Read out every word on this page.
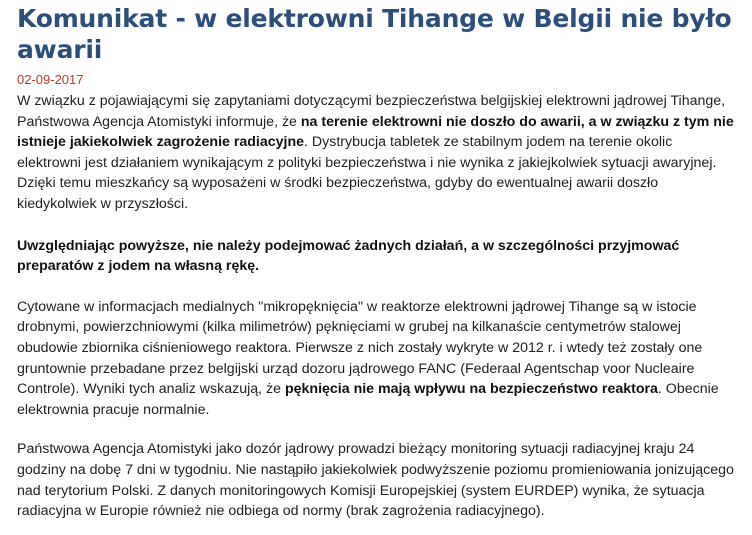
Komunikat - w elektrowni Tihange w Belgii nie było awarii
02-09-2017

W związku z pojawiającymi się zapytaniami dotyczącymi bezpieczeństwa belgijskiej elektrowni jądrowej Tihange, Państwowa Agencja Atomistyki informuje, że na terenie elektrowni nie doszło do awarii, a w związku z tym nie istnieje jakiekolwiek zagrożenie radiacyjne. Dystrybucja tabletek ze stabilnym jodem na terenie okolic elektrowni jest działaniem wynikającym z polityki bezpieczeństwa i nie wynika z jakiejkolwiek sytuacji awaryjnej. Dzięki temu mieszkańcy są wyposażeni w środki bezpieczeństwa, gdyby do ewentualnej awarii doszło kiedykolwiek w przyszłości.

Uwzględniając powyższe, nie należy podejmować żadnych działań, a w szczególności przyjmować preparatów z jodem na własną rękę.

Cytowane w informacjach medialnych "mikropęknięcia" w reaktorze elektrowni jądrowej Tihange są w istocie drobnymi, powierzchniowymi (kilka milimetrów) pęknięciami w grubej na kilkanaście centymetrów stalowej obudowie zbiornika ciśnieniowego reaktora. Pierwsze z nich zostały wykryte w 2012 r. i wtedy też zostały one gruntownie przebadane przez belgijski urząd dozoru jądrowego FANC (Federaal Agentschap voor Nucleaire Controle). Wyniki tych analiz wskazują, że pęknięcia nie mają wpływu na bezpieczeństwo reaktora. Obecnie elektrownia pracuje normalnie.

Państwowa Agencja Atomistyki jako dozór jądrowy prowadzi bieżący monitoring sytuacji radiacyjnej kraju 24 godziny na dobę 7 dni w tygodniu. Nie nastąpiło jakiekolwiek podwyższenie poziomu promieniowania jonizującego nad terytorium Polski. Z danych monitoringowych Komisji Europejskiej (system EURDEP) wynika, że sytuacja radiacyjna w Europie również nie odbiega od normy (brak zagrożenia radiacyjnego).
